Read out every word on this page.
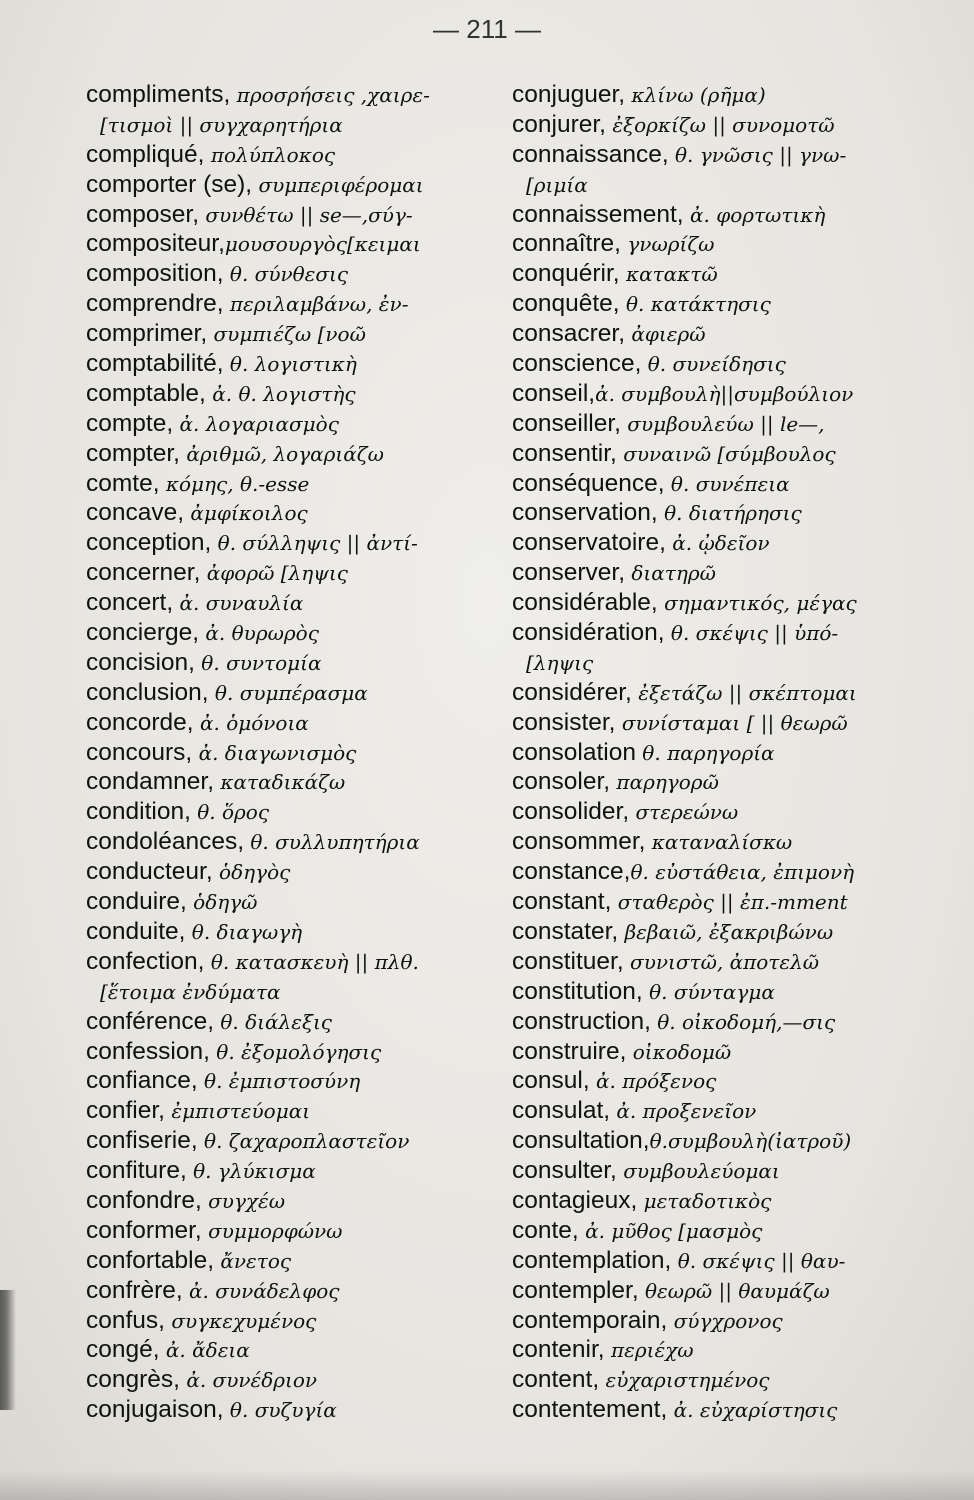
— 211 —
compliments, προσρήσεις ,χαιρε-
[τισμοὶ || συγχαρητήρια
compliqué, πολύπλοκος
comporter (se), συμπεριφέρομαι
composer, συνθέτω || se—,σύγ-
compositeur,μουσουργὸς[κειμαι
composition, θ. σύνθεσις
comprendre, περιλαμβάνω, ἐν-
comprimer, συμπιέζω [νοῶ
comptabilité, θ. λογιστικὴ
comptable, ἀ. θ. λογιστὴς
compte, ἀ. λογαριασμὸς
compter, ἀριθμῶ, λογαριάζω
comte, κόμης, θ.-esse
concave, ἀμφίκοιλος
conception, θ. σύλληψις || ἀντί-
concerner, ἀφορῶ [ληψις
concert, ἀ. συναυλία
concierge, ἀ. θυρωρὸς
concision, θ. συντομία
conclusion, θ. συμπέρασμα
concorde, ἀ. ὁμόνοια
concours, ἀ. διαγωνισμὸς
condamner, καταδικάζω
condition, θ. ὅρος
condoléances, θ. συλλυπητήρια
conducteur, ὁδηγὸς
conduire, ὁδηγῶ
conduite, θ. διαγωγὴ
confection, θ. κατασκευὴ || πλθ.
[ἕτοιμα ἐνδύματα
conférence, θ. διάλεξις
confession, θ. ἐξομολόγησις
confiance, θ. ἐμπιστοσύνη
confier, ἐμπιστεύομαι
confiserie, θ. ζαχαροπλαστεῖον
confiture, θ. γλύκισμα
confondre, συγχέω
conformer, συμμορφώνω
confortable, ἄνετος
confrère, ἀ. συνάδελφος
confus, συγκεχυμένος
congé, ἀ. ἄδεια
congrès, ἀ. συνέδριον
conjugaison, θ. συζυγία
conjuguer, κλίνω (ρῆμα)
conjurer, ἐξορκίζω || συνομοτῶ
connaissance, θ. γνῶσις || γνω-
[ριμία
connaissement, ἀ. φορτωτικὴ
connaître, γνωρίζω
conquérir, κατακτῶ
conquête, θ. κατάκτησις
consacrer, ἀφιερῶ
conscience, θ. συνείδησις
conseil,ἀ. συμβουλὴ||συμβούλιον
conseiller, συμβουλεύω || le—,
consentir, συναινῶ [σύμβουλος
conséquence, θ. συνέπεια
conservation, θ. διατήρησις
conservatoire, ἀ. ᾠδεῖον
conserver, διατηρῶ
considérable, σημαντικός, μέγας
considération, θ. σκέψις || ὑπό-
[ληψις
considérer, ἐξετάζω || σκέπτομαι
consister, συνίσταμαι [ || θεωρῶ
consolation θ. παρηγορία
consoler, παρηγορῶ
consolider, στερεώνω
consommer, καταναλίσκω
constance,θ. εὐστάθεια, ἐπιμονὴ
constant, σταθερὸς || ἐπ.-mment
constater, βεβαιῶ, ἐξακριβώνω
constituer, συνιστῶ, ἀποτελῶ
constitution, θ. σύνταγμα
construction, θ. οἰκοδομή,—σις
construire, οἰκοδομῶ
consul, ἀ. πρόξενος
consulat, ἀ. προξενεῖον
consultation,θ.συμβουλὴ(ἰατροῦ)
consulter, συμβουλεύομαι
contagieux, μεταδοτικὸς
conte, ἀ. μῦθος [μασμὸς
contemplation, θ. σκέψις || θαυ-
contempler, θεωρῶ || θαυμάζω
contemporain, σύγχρονος
contenir, περιέχω
content, εὐχαριστημένος
contentement, ἀ. εὐχαρίστησις
